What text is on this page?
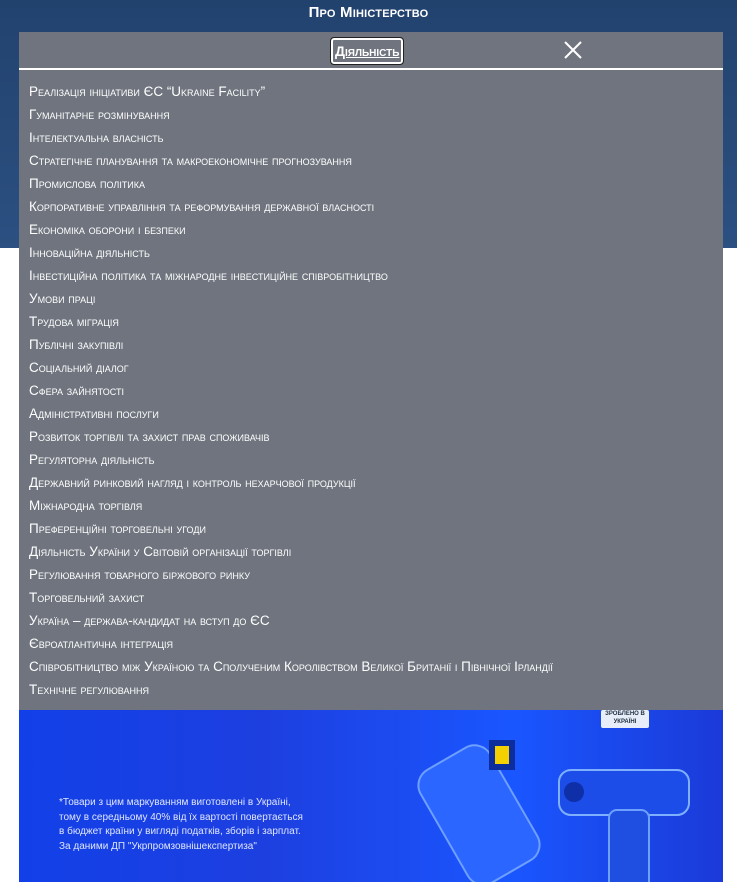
Про Міністерство
ЗРОБЛЕНО В УКРАЇНІ
*Товари з цим маркуванням виготовлені в Україні,
тому в середньому 40% від їх вартості повертається
в бюджет країни у вигляді податків, зборів і зарплат.
За даними ДП "Укрпромзовнішекспертиза"
Діяльність
Реалізація ініціативи ЄС “Ukraine Facility”
Гуманітарне розмінування
Інтелектуальна власність
Стратегічне планування та макроекономічне прогнозування
Промислова політика
Корпоративне управління та реформування державної власності
Економіка оборони і безпеки
Інноваційна діяльність
Інвестиційна політика та міжнародне інвестиційне співробітництво
Умови праці
Трудова міграція
Публічні закупівлі
Соціальний діалог
Сфера зайнятості
Адміністративні послуги
Розвиток торгівлі та захист прав споживачів
Регуляторна діяльність
Державний ринковий нагляд і контроль нехарчової продукції
Міжнародна торгівля
Преференційні торговельні угоди
Діяльність України у Світовій організації торгівлі
Регулювання товарного біржового ринку
Торговельний захист
Україна – держава-кандидат на вступ до ЄС
Євроатлантична інтеграція
Співробітництво між Україною та Сполученим Королівством Великої Британії і Північної Ірландії
Технічне регулювання
